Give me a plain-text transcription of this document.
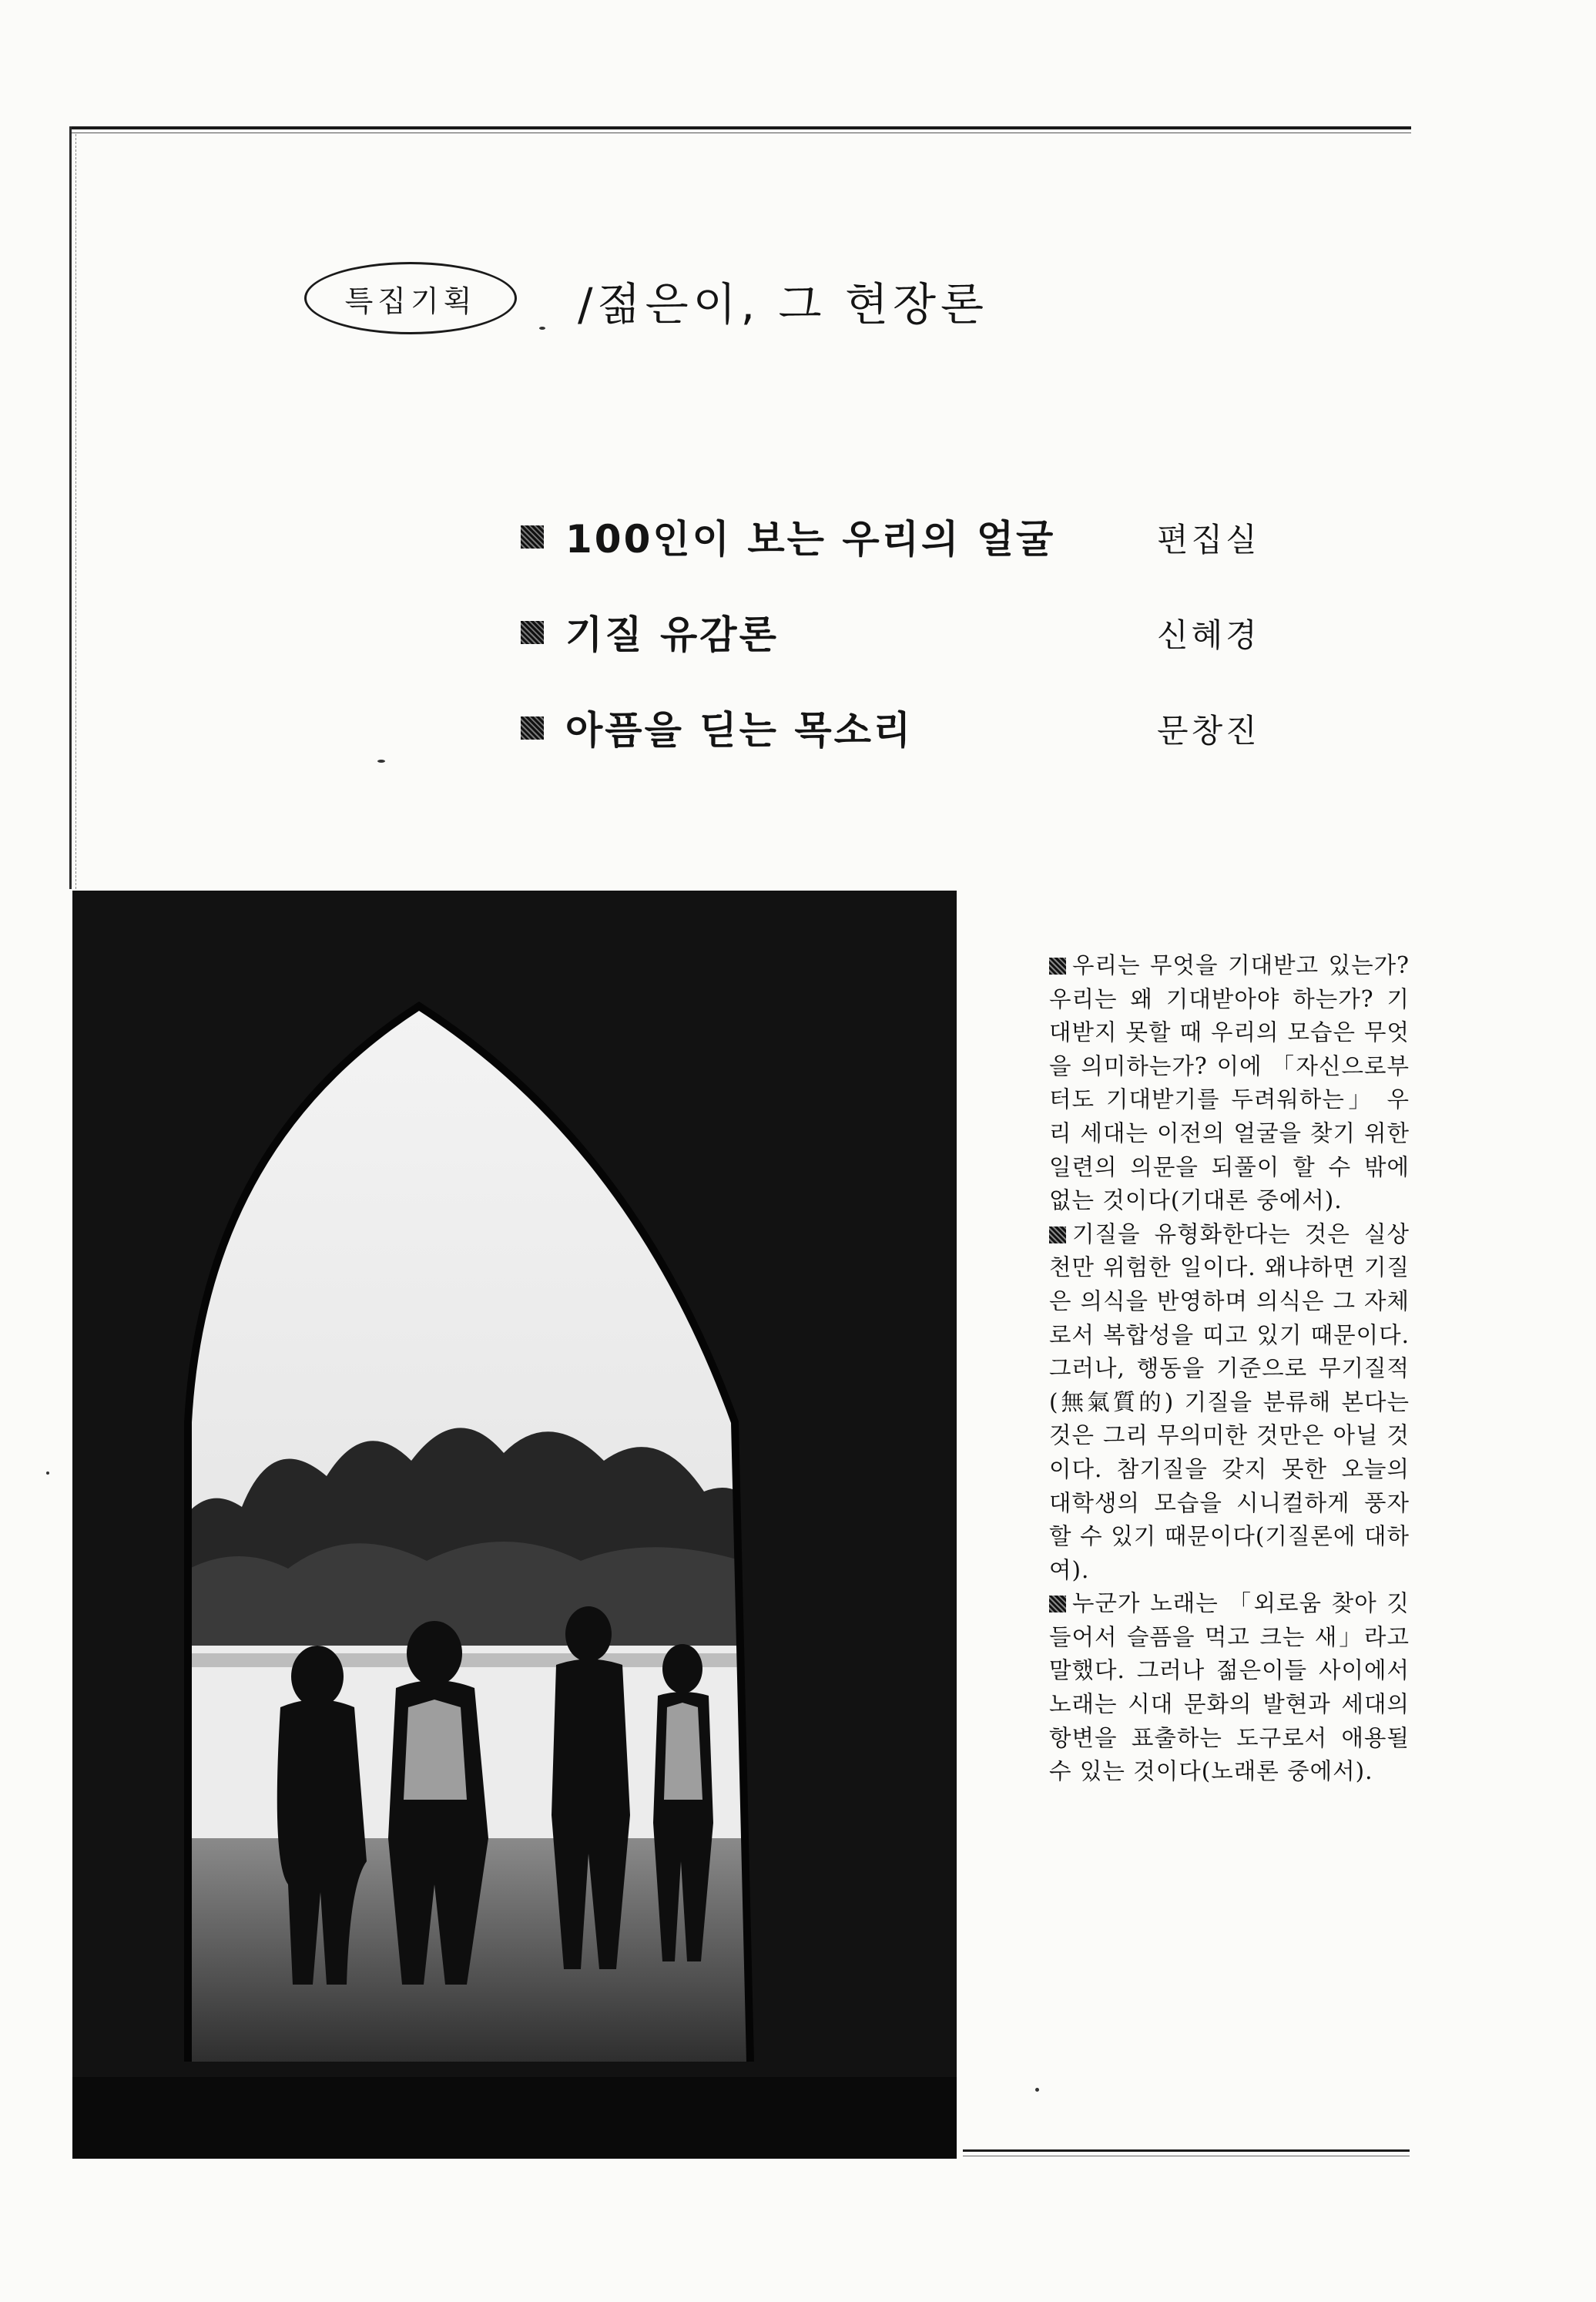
특집기획 /젊은이, 그 현장론
100인이 보는 우리의 얼굴	편집실
기질 유감론	신혜경
아픔을 딛는 목소리	문창진

우리는 무엇을 기대받고 있는가? 우리는 왜 기대받아야 하는가? 기대받지 못할 때 우리의 모습은 무엇을 의미하는가? 이에 「자신으로부터도 기대받기를 두려워하는」 우리 세대는 이전의 얼굴을 찾기 위한 일련의 의문을 되풀이 할 수 밖에 없는 것이다(기대론 중에서).

기질을 유형화한다는 것은 실상 천만 위험한 일이다. 왜냐하면 기질은 의식을 반영하며 의식은 그 자체로서 복합성을 띠고 있기 때문이다. 그러나, 행동을 기준으로 무기질적(無氣質的) 기질을 분류해 본다는 것은 그리 무의미한 것만은 아닐 것이다. 참기질을 갖지 못한 오늘의 대학생의 모습을 시니컬하게 풍자할 수 있기 때문이다(기질론에 대하여).

누군가 노래는 「외로움 찾아 깃들어서 슬픔을 먹고 크는 새」라고 말했다. 그러나 젊은이들 사이에서 노래는 시대 문화의 발현과 세대의 항변을 표출하는 도구로서 애용될 수 있는 것이다(노래론 중에서).
